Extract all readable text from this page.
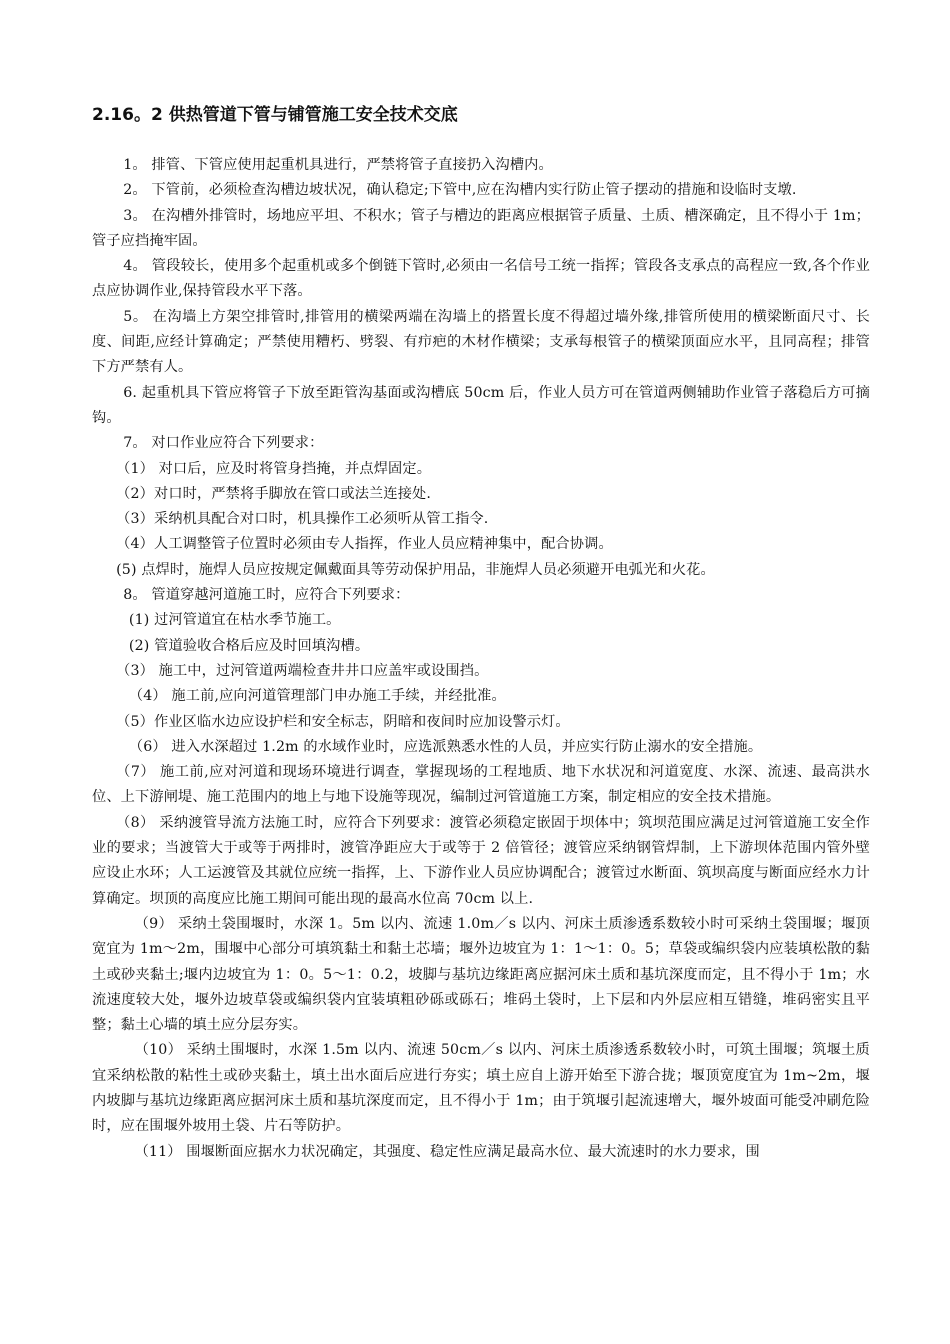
2.16。2 供热管道下管与铺管施工安全技术交底

1。 排管、下管应使用起重机具进行，严禁将管子直接扔入沟槽内。

2。 下管前，必须检查沟槽边坡状况，确认稳定;下管中,应在沟槽内实行防止管子摆动的措施和设临时支墩.

3。 在沟槽外排管时，场地应平坦、不积水；管子与槽边的距离应根据管子质量、土质、槽深确定，且不得小于 1m；管子应挡掩牢固。

4。 管段较长，使用多个起重机或多个倒链下管时,必须由一名信号工统一指挥；管段各支承点的高程应一致,各个作业点应协调作业,保持管段水平下落。

5。 在沟墙上方架空排管时,排管用的横梁两端在沟墙上的搭置长度不得超过墙外缘,排管所使用的横梁断面尺寸、长度、间距,应经计算确定；严禁使用糟朽、劈裂、有疖疤的木材作横梁；支承每根管子的横梁顶面应水平，且同高程；排管下方严禁有人。

6. 起重机具下管应将管子下放至距管沟基面或沟槽底 50cm 后，作业人员方可在管道两侧辅助作业管子落稳后方可摘钩。

7。 对口作业应符合下列要求：

（1） 对口后，应及时将管身挡掩，并点焊固定。

（2）对口时，严禁将手脚放在管口或法兰连接处.

（3）采纳机具配合对口时，机具操作工必须听从管工指令.

（4）人工调整管子位置时必须由专人指挥，作业人员应精神集中，配合协调。

(5) 点焊时，施焊人员应按规定佩戴面具等劳动保护用品，非施焊人员必须避开电弧光和火花。

8。 管道穿越河道施工时，应符合下列要求：

(1) 过河管道宜在枯水季节施工。

(2) 管道验收合格后应及时回填沟槽。

（3） 施工中，过河管道两端检查井井口应盖牢或设围挡。

（4） 施工前,应向河道管理部门申办施工手续，并经批准。

（5）作业区临水边应设护栏和安全标志，阴暗和夜间时应加设警示灯。

（6） 进入水深超过 1.2m 的水域作业时，应选派熟悉水性的人员，并应实行防止溺水的安全措施。

（7） 施工前,应对河道和现场环境进行调查，掌握现场的工程地质、地下水状况和河道宽度、水深、流速、最高洪水位、上下游闸堤、施工范围内的地上与地下设施等现况，编制过河管道施工方案，制定相应的安全技术措施。

（8） 采纳渡管导流方法施工时，应符合下列要求：渡管必须稳定嵌固于坝体中；筑坝范围应满足过河管道施工安全作业的要求；当渡管大于或等于两排时，渡管净距应大于或等于 2 倍管径；渡管应采纳钢管焊制，上下游坝体范围内管外壁应设止水环；人工运渡管及其就位应统一指挥，上、下游作业人员应协调配合；渡管过水断面、筑坝高度与断面应经水力计算确定。坝顶的高度应比施工期间可能出现的最高水位高 70cm 以上.

（9） 采纳土袋围堰时，水深 1。5m 以内、流速 1.0m／s 以内、河床土质渗透系数较小时可采纳土袋围堰；堰顶宽宜为 1m～2m，围堰中心部分可填筑黏土和黏土芯墙；堰外边坡宜为 1：1～1：0。5；草袋或编织袋内应装填松散的黏土或砂夹黏土;堰内边坡宜为 1：0。5～1：0.2，坡脚与基坑边缘距离应据河床土质和基坑深度而定，且不得小于 1m；水流速度较大处，堰外边坡草袋或编织袋内宜装填粗砂砾或砾石；堆码土袋时，上下层和内外层应相互错缝，堆码密实且平整；黏土心墙的填土应分层夯实。

（10） 采纳土围堰时，水深 1.5m 以内、流速 50cm／s 以内、河床土质渗透系数较小时，可筑土围堰；筑堰土质宜采纳松散的粘性土或砂夹黏土，填土出水面后应进行夯实；填土应自上游开始至下游合拢；堰顶宽度宜为 1m~2m，堰内坡脚与基坑边缘距离应据河床土质和基坑深度而定，且不得小于 1m；由于筑堰引起流速增大，堰外坡面可能受冲刷危险时，应在围堰外坡用土袋、片石等防护。

（11） 围堰断面应据水力状况确定，其强度、稳定性应满足最高水位、最大流速时的水力要求，围
